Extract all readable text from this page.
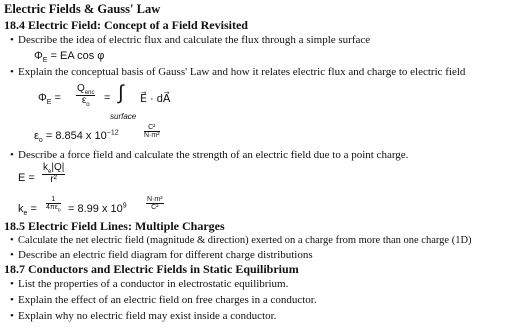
Electric Fields & Gauss' Law
18.4 Electric Field: Concept of a Field Revisited
• Describe the idea of electric flux and calculate the flux through a simple surface
$\Phi_E$ = EA cos φ
• Explain the conceptual basis of Gauss' Law and how it relates electric flux and charge to electric field
$\Phi_E$ =
$Q_{enc}$
$\varepsilon_o$
= ∫ E⃗ · dA⃗
surface
$\varepsilon_o = 8.854$ x $10^{-12}$	$\frac{\text{C²}}{\text{N·m²}}$
• Describe a force field and calculate the strength of an electric field due to a point charge.
$E = \frac{k_e|Q|}{\text{r²}}$
$k_e$ =
1
$4\pi\varepsilon_o = 8.99$ x $10^9$	$\frac{\text{N·m²}}{\text{C²}}$
18.5 Electric Field Lines: Multiple Charges
• Calculate the net electric field (magnitude & direction) exerted on a charge from more than one charge (1D)
• Describe an electric field diagram for different charge distributions
18.7 Conductors and Electric Fields in Static Equilibrium
• List the properties of a conductor in electrostatic equilibrium.
• Explain the effect of an electric field on free charges in a conductor.
• Explain why no electric field may exist inside a conductor.
